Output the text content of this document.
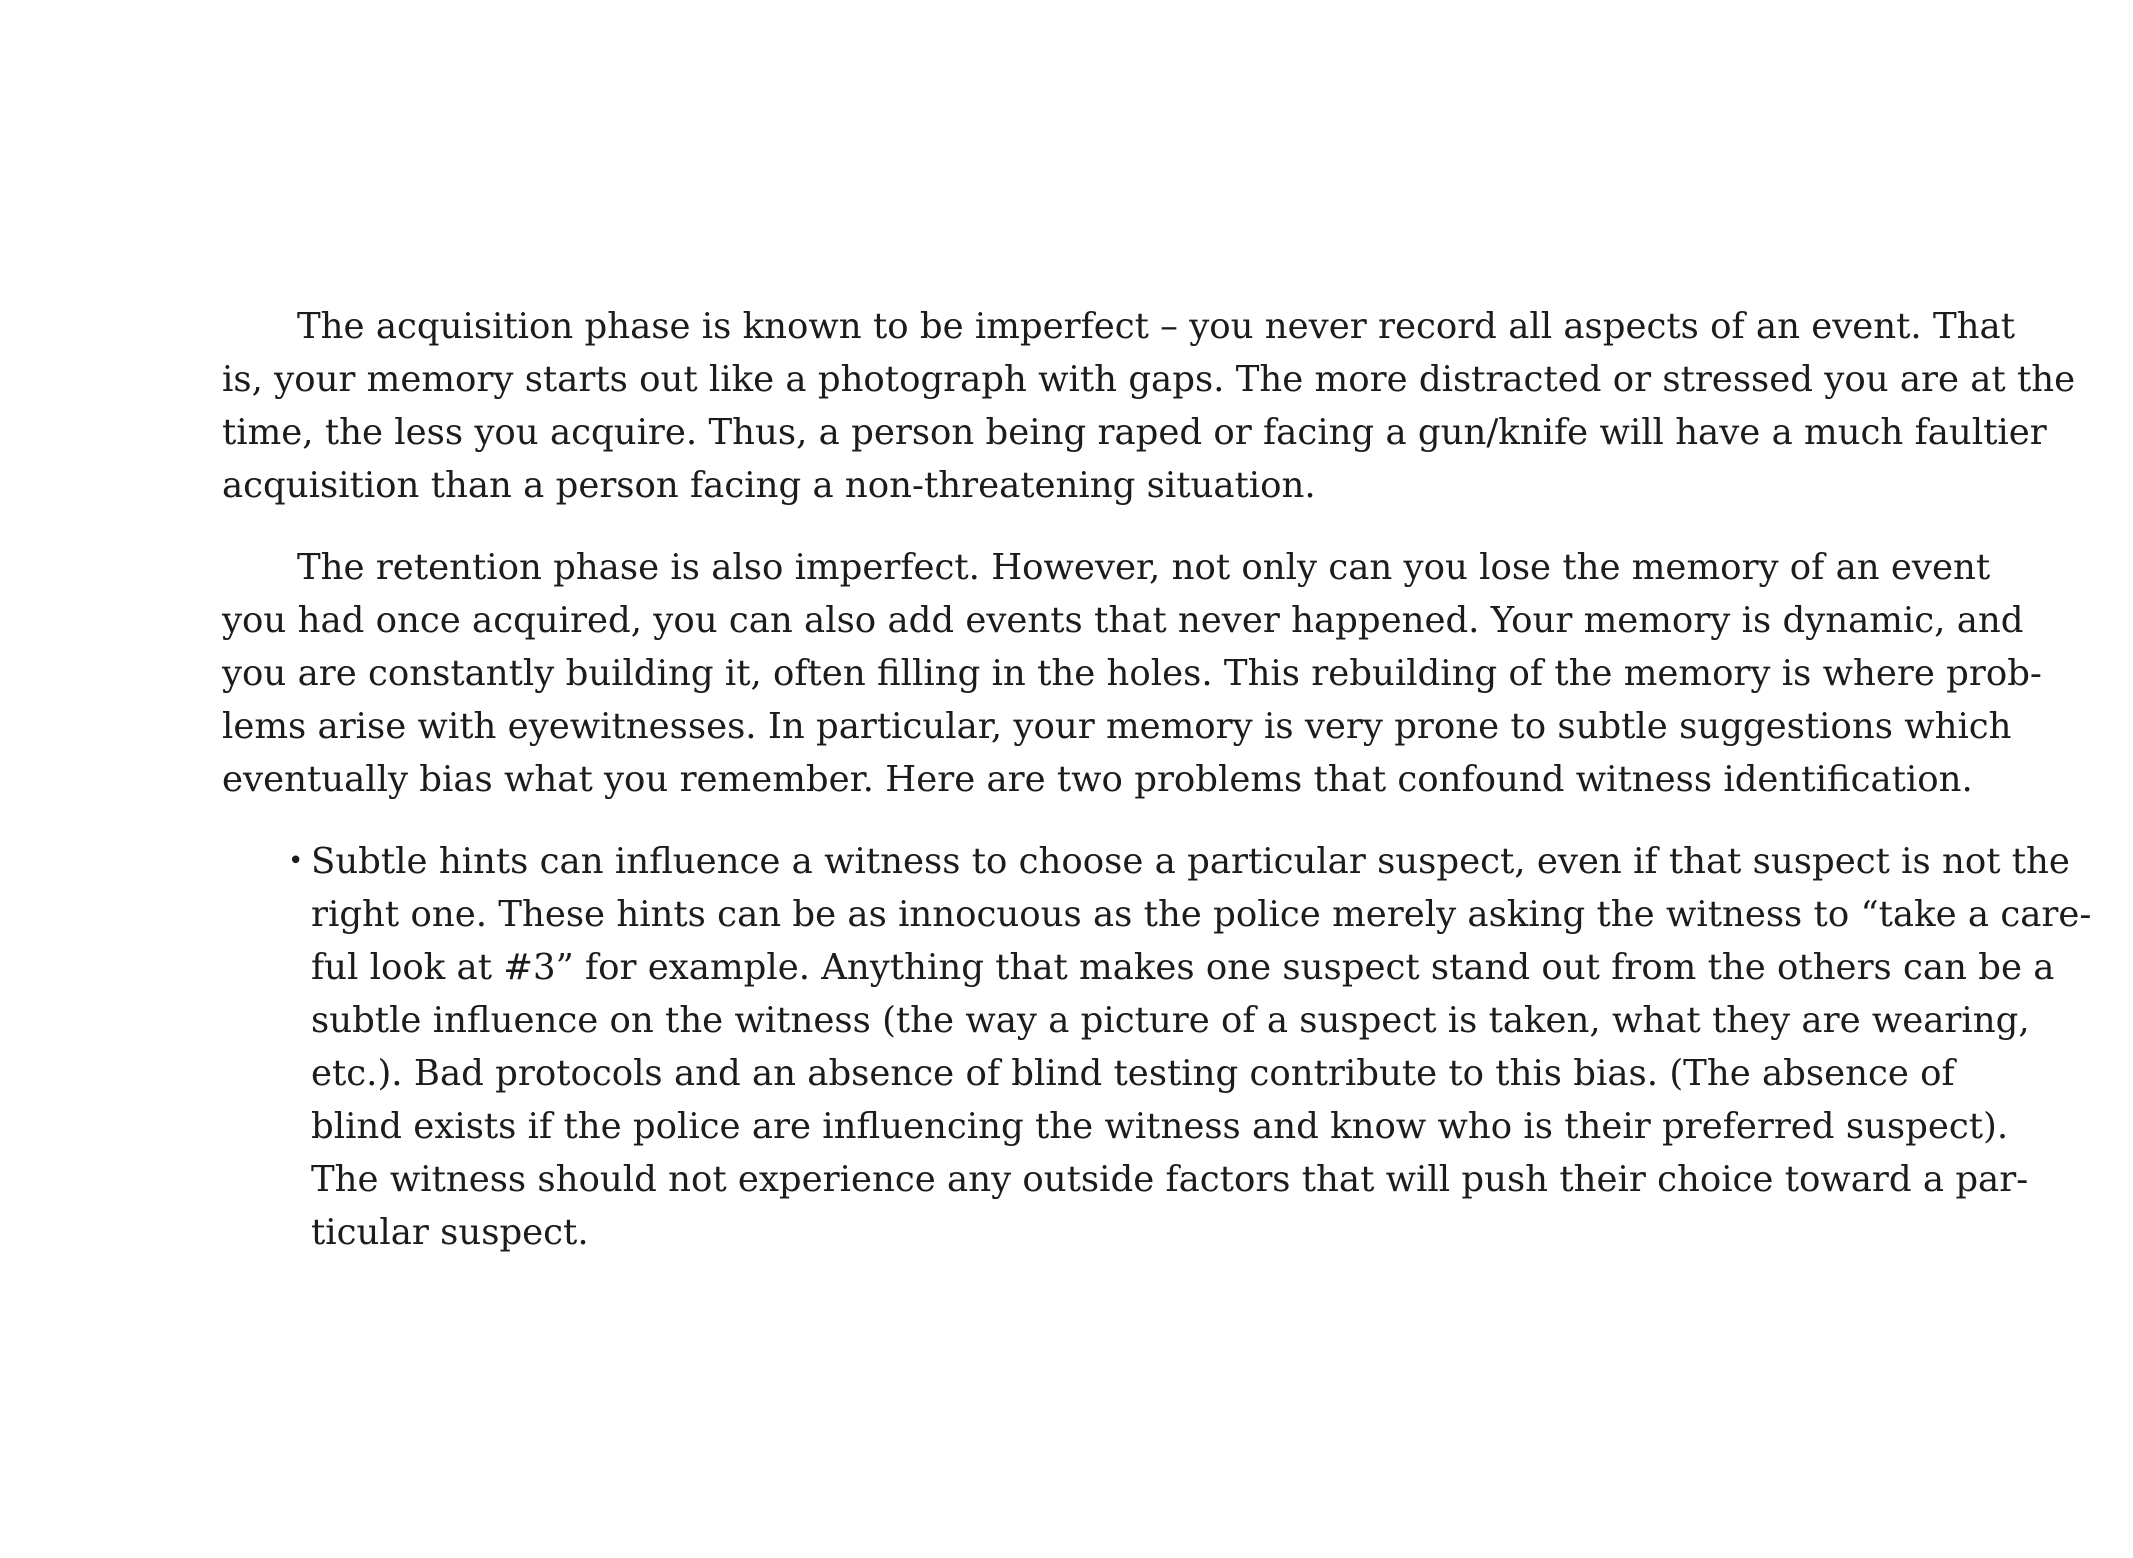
The acquisition phase is known to be imperfect – you never record all aspects of an event. That
is, your memory starts out like a photograph with gaps. The more distracted or stressed you are at the
time, the less you acquire. Thus, a person being raped or facing a gun/knife will have a much faultier
acquisition than a person facing a non-threatening situation.
The retention phase is also imperfect. However, not only can you lose the memory of an event
you had once acquired, you can also add events that never happened. Your memory is dynamic, and
you are constantly building it, often filling in the holes. This rebuilding of the memory is where prob-
lems arise with eyewitnesses. In particular, your memory is very prone to subtle suggestions which
eventually bias what you remember. Here are two problems that confound witness identification.
• Subtle hints can influence a witness to choose a particular suspect, even if that suspect is not the
right one. These hints can be as innocuous as the police merely asking the witness to “take a care-
ful look at #3” for example. Anything that makes one suspect stand out from the others can be a
subtle influence on the witness (the way a picture of a suspect is taken, what they are wearing,
etc.). Bad protocols and an absence of blind testing contribute to this bias. (The absence of
blind exists if the police are influencing the witness and know who is their preferred suspect).
The witness should not experience any outside factors that will push their choice toward a par-
ticular suspect.
